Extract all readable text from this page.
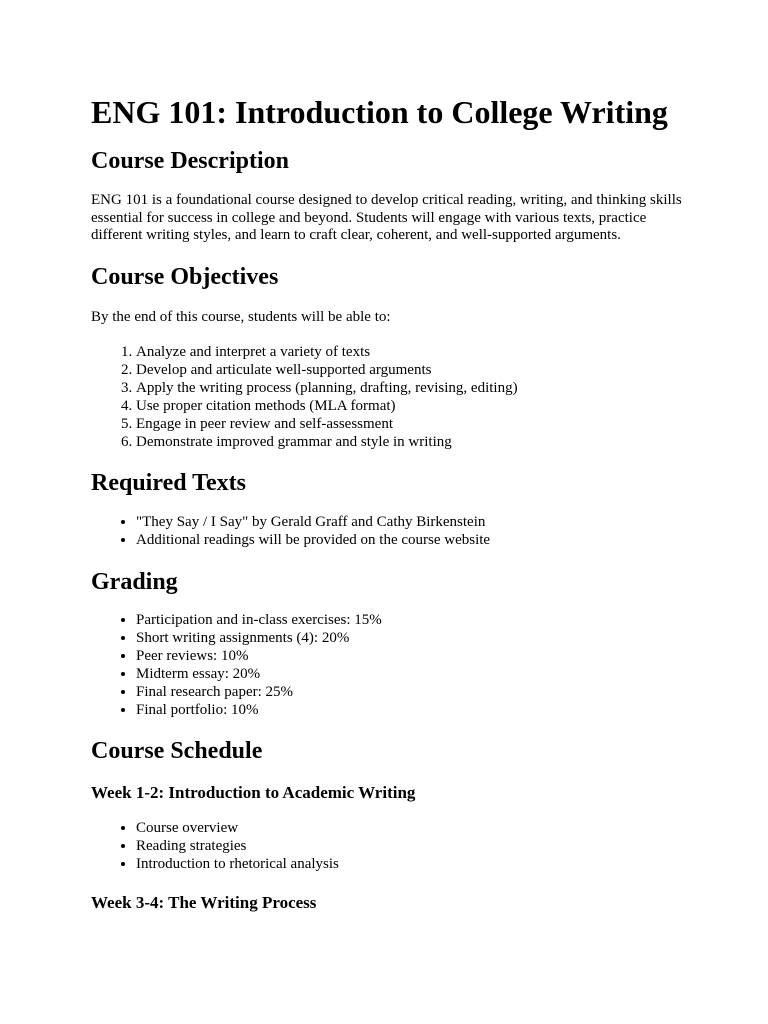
ENG 101: Introduction to College Writing
Course Description

ENG 101 is a foundational course designed to develop critical reading, writing, and thinking skills essential for success in college and beyond. Students will engage with various texts, practice different writing styles, and learn to craft clear, coherent, and well-supported arguments.

Course Objectives

By the end of this course, students will be able to:

1. Analyze and interpret a variety of texts
2. Develop and articulate well-supported arguments
3. Apply the writing process (planning, drafting, revising, editing)
4. Use proper citation methods (MLA format)
5. Engage in peer review and self-assessment
6. Demonstrate improved grammar and style in writing
Required Texts
• "They Say / I Say" by Gerald Graff and Cathy Birkenstein
• Additional readings will be provided on the course website
Grading
• Participation and in-class exercises: 15%
• Short writing assignments (4): 20%
• Peer reviews: 10%
• Midterm essay: 20%
• Final research paper: 25%
• Final portfolio: 10%
Course Schedule
Week 1-2: Introduction to Academic Writing
• Course overview
• Reading strategies
• Introduction to rhetorical analysis
Week 3-4: The Writing Process
